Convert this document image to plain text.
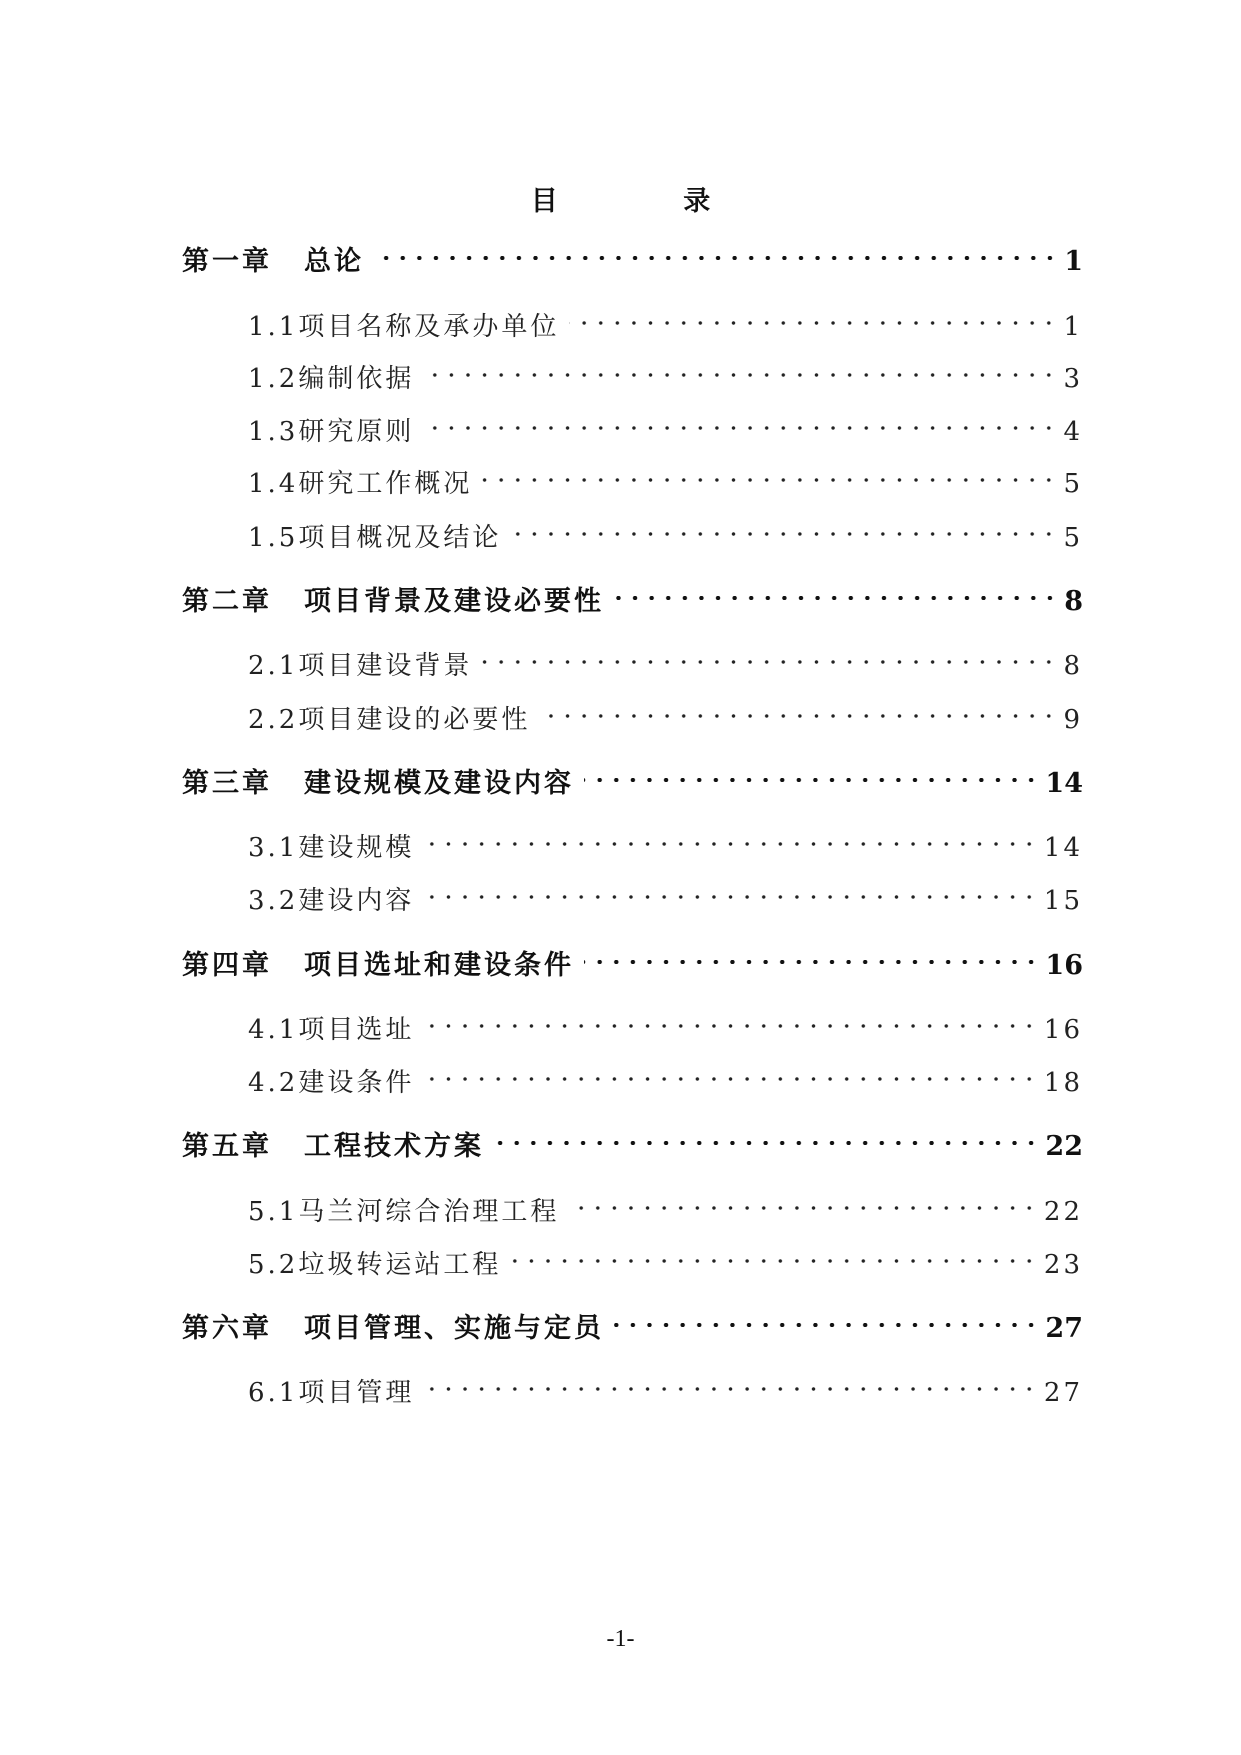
目 录
第一章 总论	1
1.1 项目名称及承办单位	1
1.2 编制依据	3
1.3 研究原则	4
1.4 研究工作概况	5
1.5 项目概况及结论	5
第二章 项目背景及建设必要性	8
2.1 项目建设背景	8
2.2 项目建设的必要性	9
第三章 建设规模及建设内容	14
3.1 建设规模	14
3.2 建设内容	15
第四章 项目选址和建设条件	16
4.1 项目选址	16
4.2 建设条件	18
第五章 工程技术方案	22
5.1 马兰河综合治理工程	22
5.2 垃圾转运站工程	23
第六章 项目管理、实施与定员	27
6.1 项目管理	27
-1-
